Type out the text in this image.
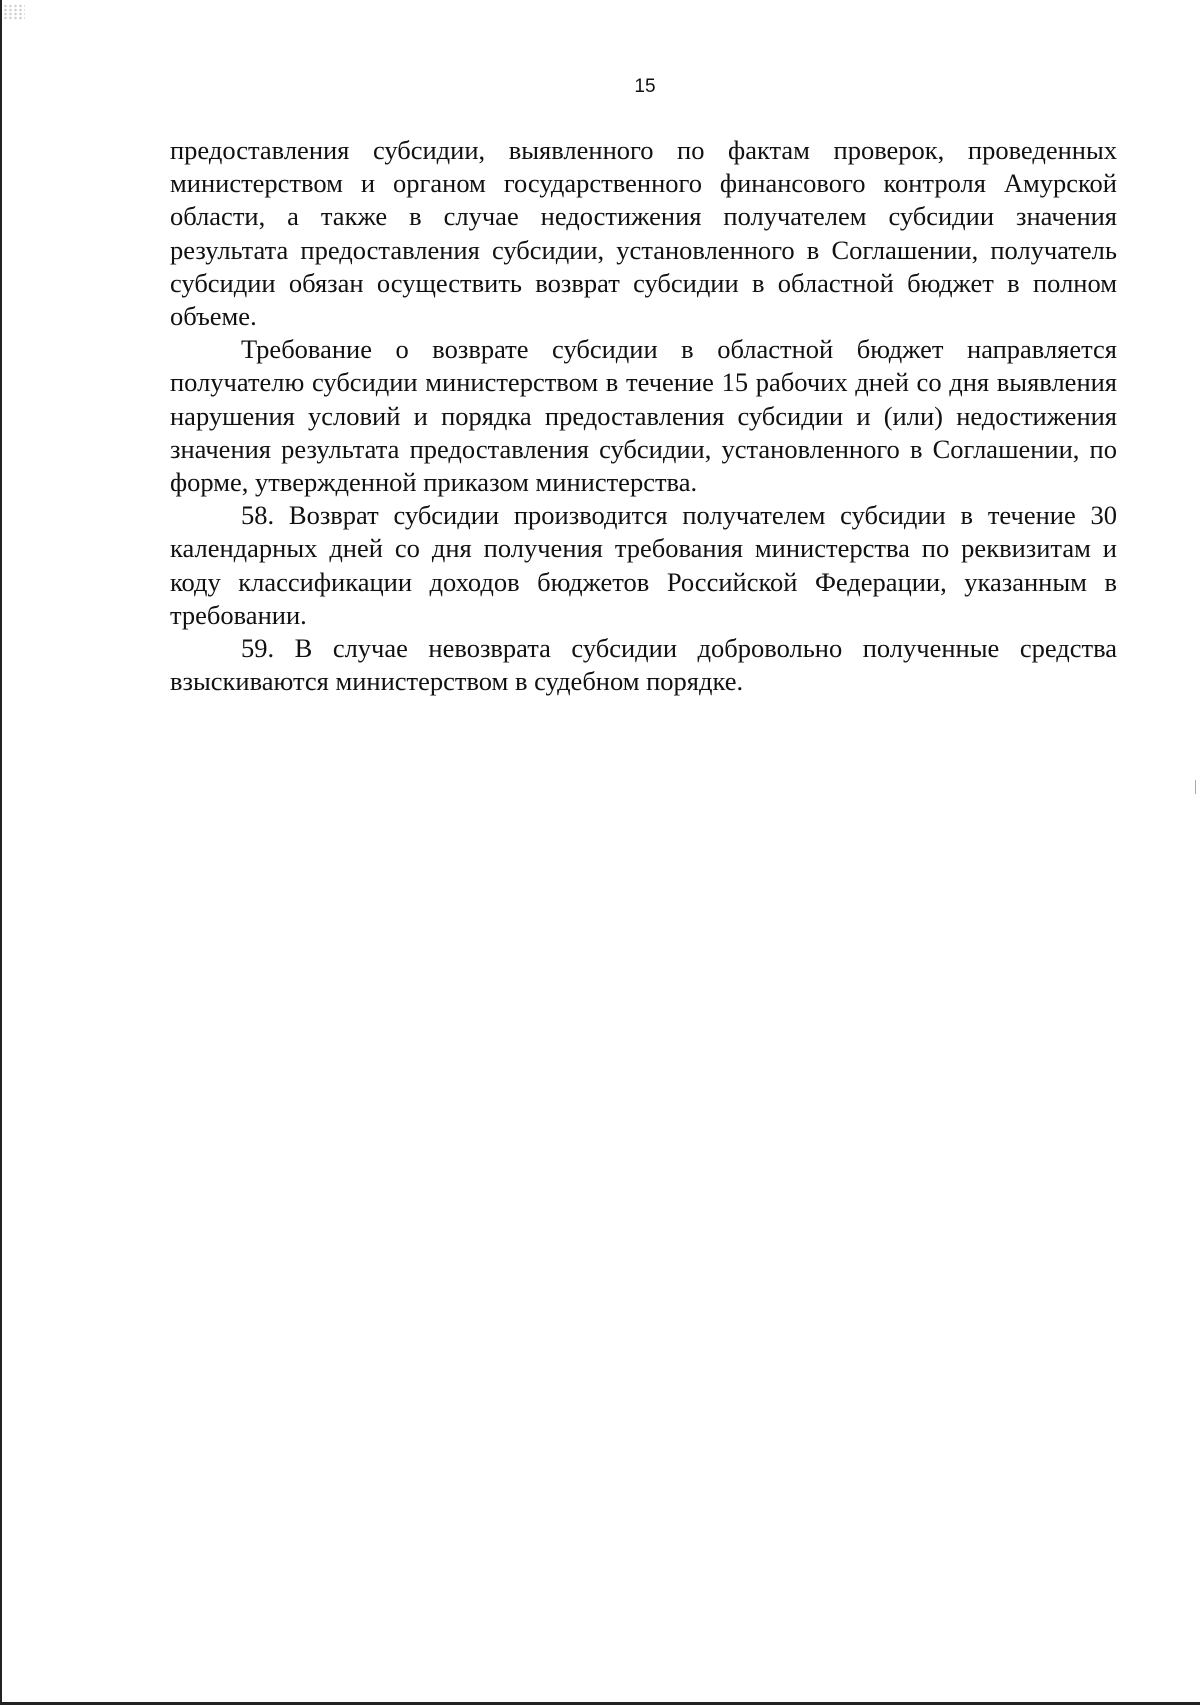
15

предоставления субсидии, выявленного по фактам проверок, проведенных министерством и органом государственного финансового контроля Амурской области, а также в случае недостижения получателем субсидии значения результата предоставления субсидии, установленного в Соглашении, получатель субсидии обязан осуществить возврат субсидии в областной бюджет в полном объеме.

Требование о возврате субсидии в областной бюджет направляется получателю субсидии министерством в течение 15 рабочих дней со дня выявления нарушения условий и порядка предоставления субсидии и (или) недостижения значения результата предоставления субсидии, установленного в Соглашении, по форме, утвержденной приказом министерства.

58. Возврат субсидии производится получателем субсидии в течение 30 календарных дней со дня получения требования министерства по реквизитам и коду классификации доходов бюджетов Российской Федерации, указанным в требовании.

59. В случае невозврата субсидии добровольно полученные средства взыскиваются министерством в судебном порядке.
